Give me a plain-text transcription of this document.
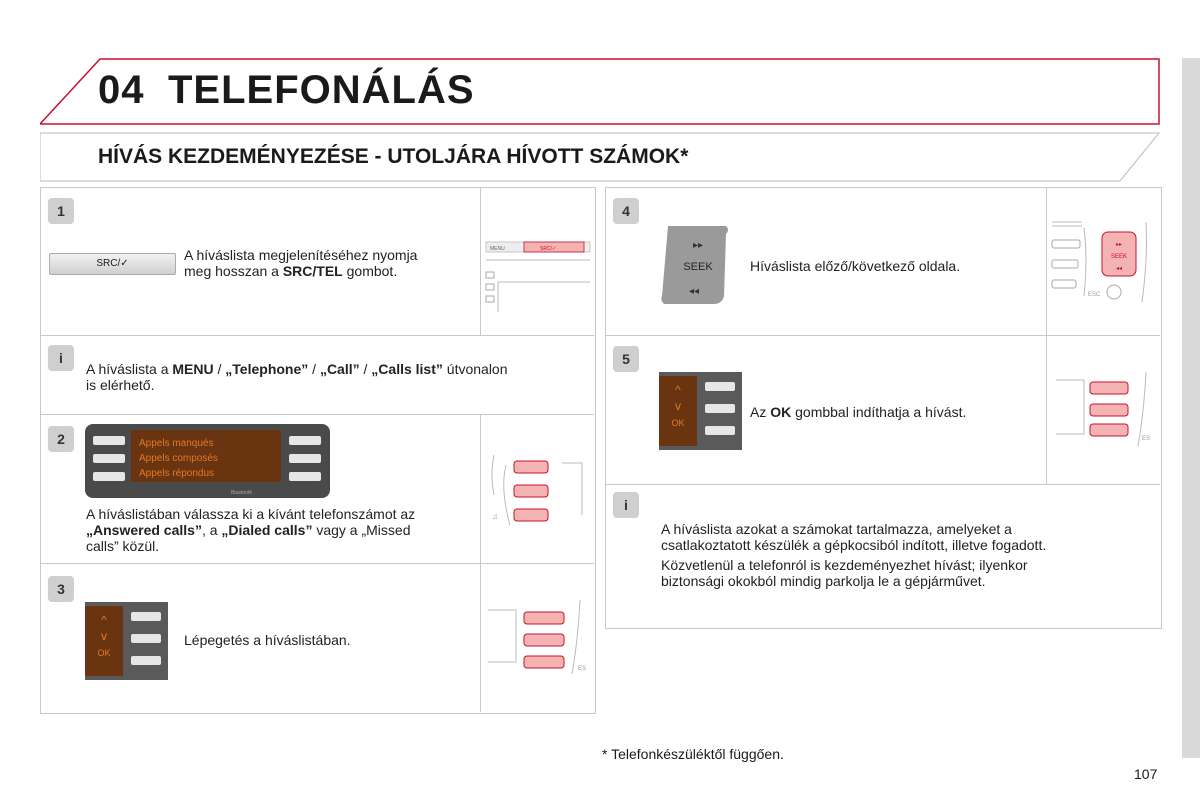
04 TELEFONÁLÁS
HÍVÁS KEZDEMÉNYEZÉSE - UTOLJÁRA HÍVOTT SZÁMOK*
1
SRC/✓
A híváslista megjelenítéséhez nyomja
meg hosszan a SRC/TEL gombot.
MENU	SRC/✓
i
A híváslista a MENU / „Telephone” / „Call” / „Calls list” útvonalon
is elérhető.
2	Appels manqués
Appels composés
Appels répondus
Bluetooth
A híváslistában válassza ki a kívánt telefonszámot az
„Answered calls”, a „Dialed calls” vagy a „Missed
calls” közül.
♫
3
^
v
OK
Lépegetés a híváslistában.
ES
4
▸▸
SEEK
◂◂
Híváslista előző/következő oldala.
▸▸
SEEK
◂◂
ESC
5
^
v
OK
Az OK gombbal indíthatja a hívást.
ES
i
A híváslista azokat a számokat tartalmazza, amelyeket a
csatlakoztatott készülék a gépkocsiból indított, illetve fogadott.
Közvetlenül a telefonról is kezdeményezhet hívást; ilyenkor
biztonsági okokból mindig parkolja le a gépjárművet.
* Telefonkészüléktől függően.
107
